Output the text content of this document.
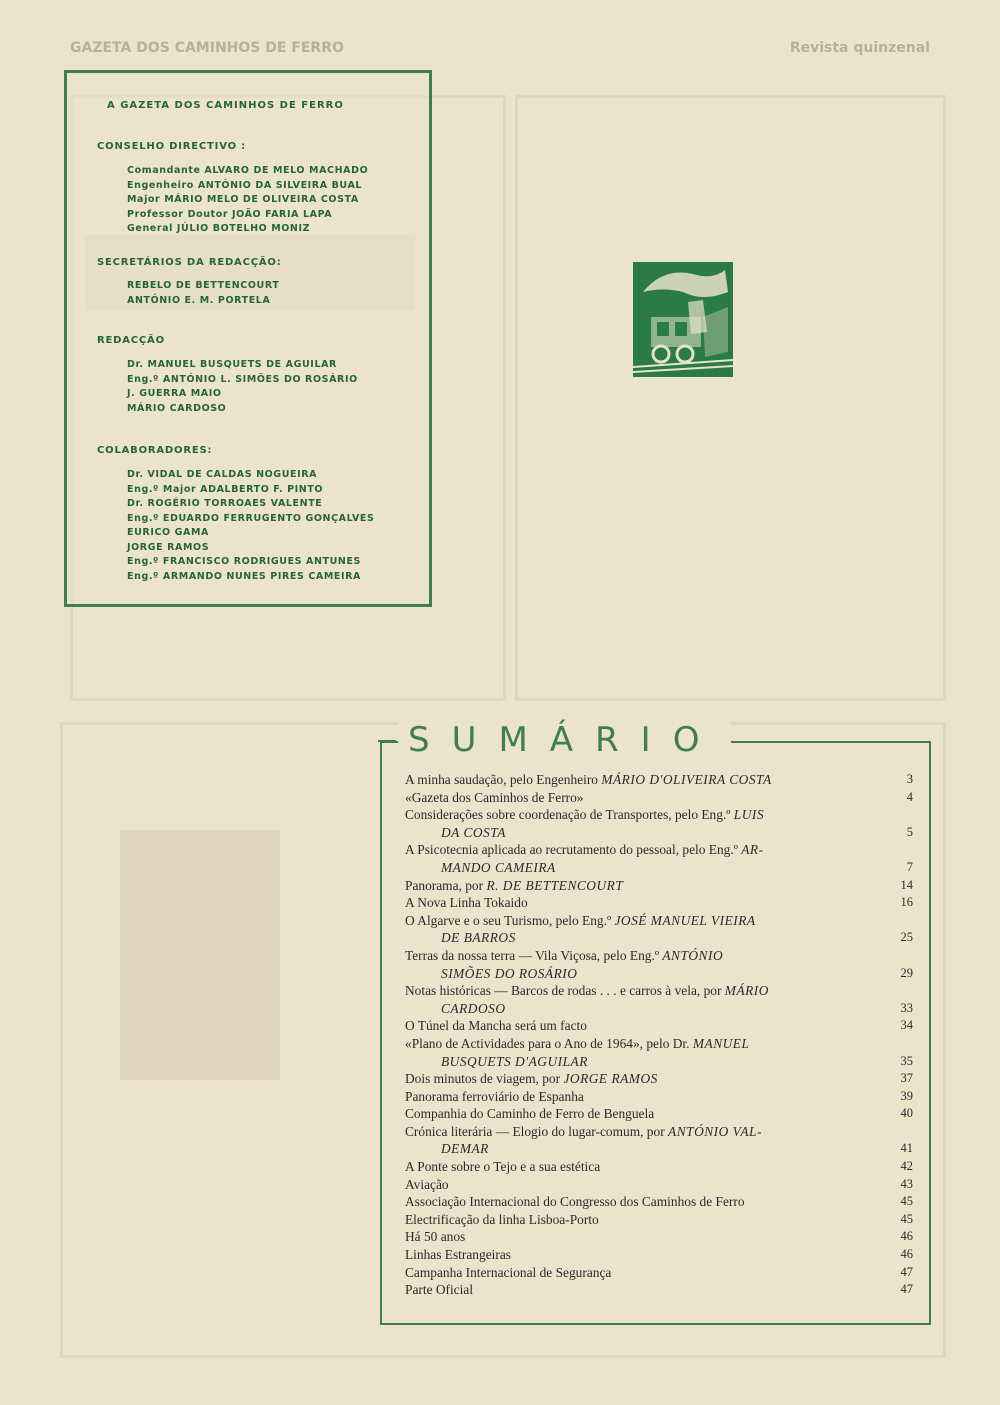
GAZETA DOS CAMINHOS DE FERRO	Revista quinzenal
A GAZETA DOS CAMINHOS DE FERRO
CONSELHO DIRECTIVO :
Comandante ALVARO DE MELO MACHADO
Engenheiro ANTÓNIO DA SILVEIRA BUAL
Major MÁRIO MELO DE OLIVEIRA COSTA
Professor Doutor JOÃO FARIA LAPA
General JÚLIO BOTELHO MONIZ
SECRETÁRIOS DA REDACÇÃO:
REBELO DE BETTENCOURT
ANTÓNIO E. M. PORTELA
REDACÇÃO
Dr. MANUEL BUSQUETS DE AGUILAR
Eng.º ANTÓNIO L. SIMÕES DO ROSÁRIO
J. GUERRA MAIO
MÁRIO CARDOSO
COLABORADORES:
Dr. VIDAL DE CALDAS NOGUEIRA
Eng.º Major ADALBERTO F. PINTO
Dr. ROGÉRIO TORROAES VALENTE
Eng.º EDUARDO FERRUGENTO GONÇALVES
EURICO GAMA
JORGE RAMOS
Eng.º FRANCISCO RODRIGUES ANTUNES
Eng.º ARMANDO NUNES PIRES CAMEIRA
SUMÁRIO
A minha saudação, pelo Engenheiro MÁRIO D'OLIVEIRA COSTA	3
«Gazeta dos Caminhos de Ferro»	4
Considerações sobre coordenação de Transportes, pelo Eng.º LUIS
DA COSTA	5
A Psicotecnia aplicada ao recrutamento do pessoal, pelo Eng.º AR-
MANDO CAMEIRA	7
Panorama, por R. DE BETTENCOURT	14
A Nova Linha Tokaido	16
O Algarve e o seu Turismo, pelo Eng.º JOSÉ MANUEL VIEIRA
DE BARROS	25
Terras da nossa terra — Vila Viçosa, pelo Eng.º ANTÓNIO
SIMÕES DO ROSÁRIO	29
Notas históricas — Barcos de rodas . . . e carros à vela, por MÁRIO
CARDOSO	33
O Túnel da Mancha será um facto	34
«Plano de Actividades para o Ano de 1964», pelo Dr. MANUEL
BUSQUETS D'AGUILAR	35
Dois minutos de viagem, por JORGE RAMOS	37
Panorama ferroviário de Espanha	39
Companhia do Caminho de Ferro de Benguela	40
Crónica literária — Elogio do lugar-comum, por ANTÓNIO VAL-
DEMAR	41
A Ponte sobre o Tejo e a sua estética	42
Aviação	43
Associação Internacional do Congresso dos Caminhos de Ferro	45
Electrificação da linha Lisboa-Porto	45
Há 50 anos	46
Linhas Estrangeiras	46
Campanha Internacional de Segurança	47
Parte Oficial	47
